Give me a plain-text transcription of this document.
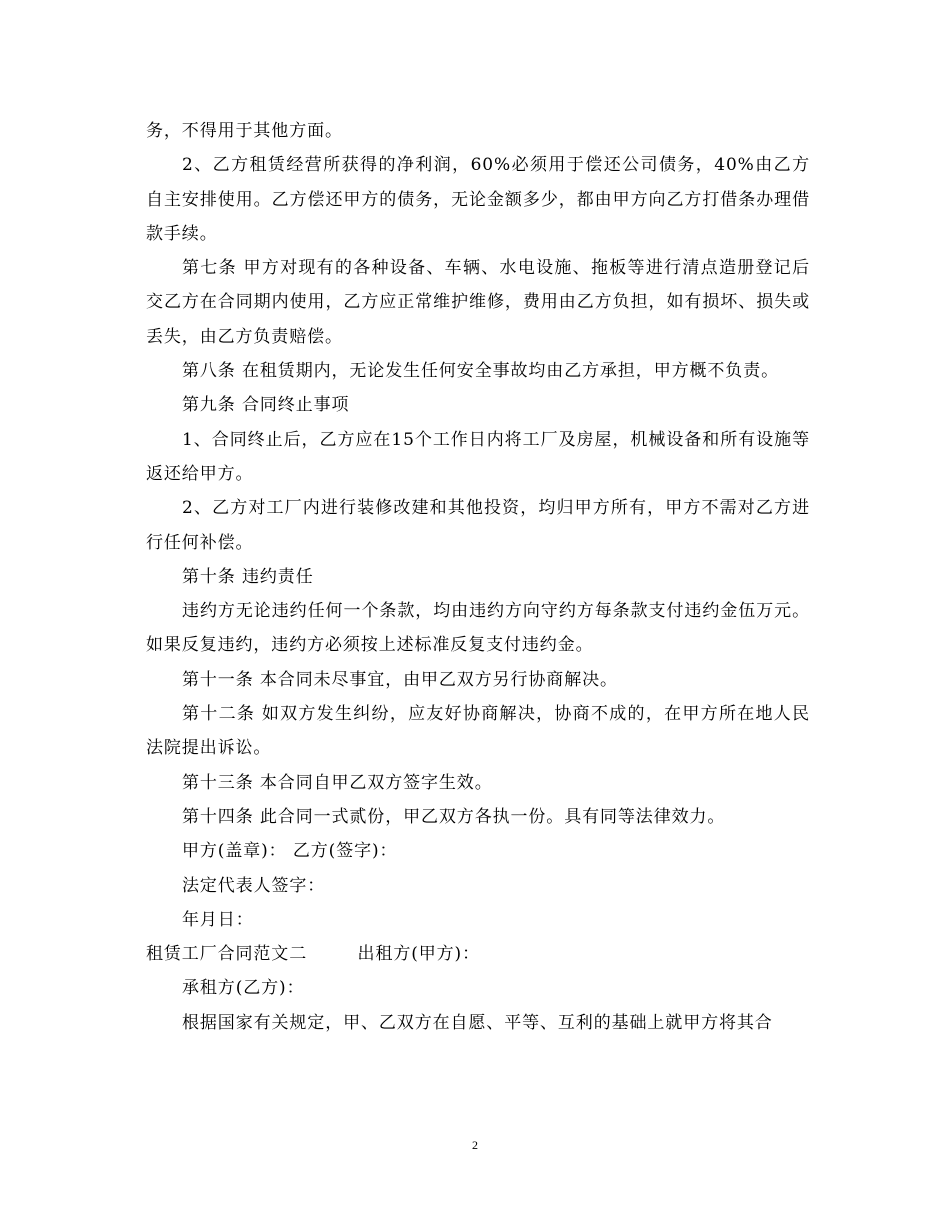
务，不得用于其他方面。

2、乙方租赁经营所获得的净利润，60%必须用于偿还公司债务，40%由乙方自主安排使用。乙方偿还甲方的债务，无论金额多少，都由甲方向乙方打借条办理借款手续。

第七条 甲方对现有的各种设备、车辆、水电设施、拖板等进行清点造册登记后交乙方在合同期内使用，乙方应正常维护维修，费用由乙方负担，如有损坏、损失或丢失，由乙方负责赔偿。

第八条 在租赁期内，无论发生任何安全事故均由乙方承担，甲方概不负责。

第九条 合同终止事项

1、合同终止后，乙方应在15个工作日内将工厂及房屋，机械设备和所有设施等返还给甲方。

2、乙方对工厂内进行装修改建和其他投资，均归甲方所有，甲方不需对乙方进行任何补偿。

第十条 违约责任

违约方无论违约任何一个条款，均由违约方向守约方每条款支付违约金伍万元。如果反复违约，违约方必须按上述标准反复支付违约金。

第十一条 本合同未尽事宜，由甲乙双方另行协商解决。

第十二条 如双方发生纠纷，应友好协商解决，协商不成的，在甲方所在地人民法院提出诉讼。

第十三条 本合同自甲乙双方签字生效。

第十四条 此合同一式贰份，甲乙双方各执一份。具有同等法律效力。

甲方(盖章)： 乙方(签字)：

法定代表人签字：

年月日：

租赁工厂合同范文二        出租方(甲方)：

承租方(乙方)：

根据国家有关规定，甲、乙双方在自愿、平等、互利的基础上就甲方将其合

2
